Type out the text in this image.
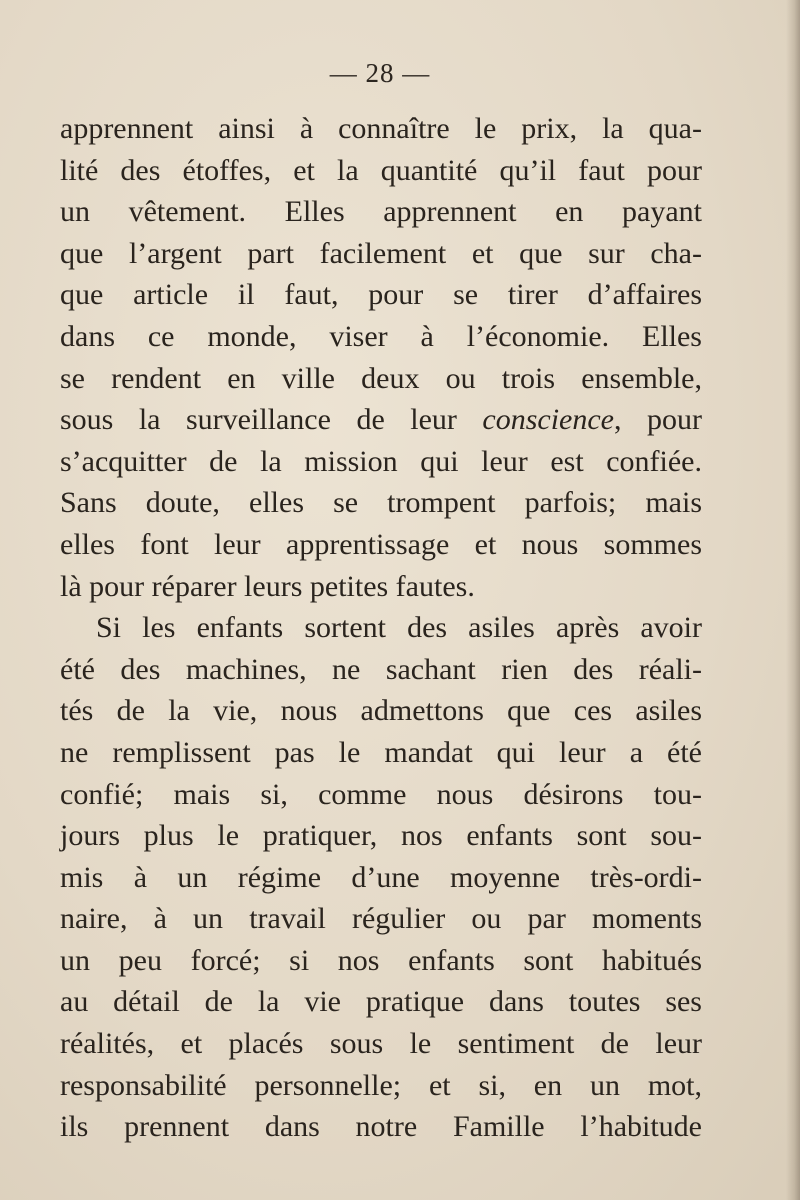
— 28 —
apprennent ainsi à connaître le prix, la qua-
lité des étoffes, et la quantité qu’il faut pour
un vêtement. Elles apprennent en payant
que l’argent part facilement et que sur cha-
que article il faut, pour se tirer d’affaires
dans ce monde, viser à l’économie. Elles
se rendent en ville deux ou trois ensemble,
sous la surveillance de leur conscience, pour
s’acquitter de la mission qui leur est confiée.
Sans doute, elles se trompent parfois; mais
elles font leur apprentissage et nous sommes
là pour réparer leurs petites fautes.
Si les enfants sortent des asiles après avoir
été des machines, ne sachant rien des réali-
tés de la vie, nous admettons que ces asiles
ne remplissent pas le mandat qui leur a été
confié; mais si, comme nous désirons tou-
jours plus le pratiquer, nos enfants sont sou-
mis à un régime d’une moyenne très-ordi-
naire, à un travail régulier ou par moments
un peu forcé; si nos enfants sont habitués
au détail de la vie pratique dans toutes ses
réalités, et placés sous le sentiment de leur
responsabilité personnelle; et si, en un mot,
ils prennent dans notre Famille l’habitude
